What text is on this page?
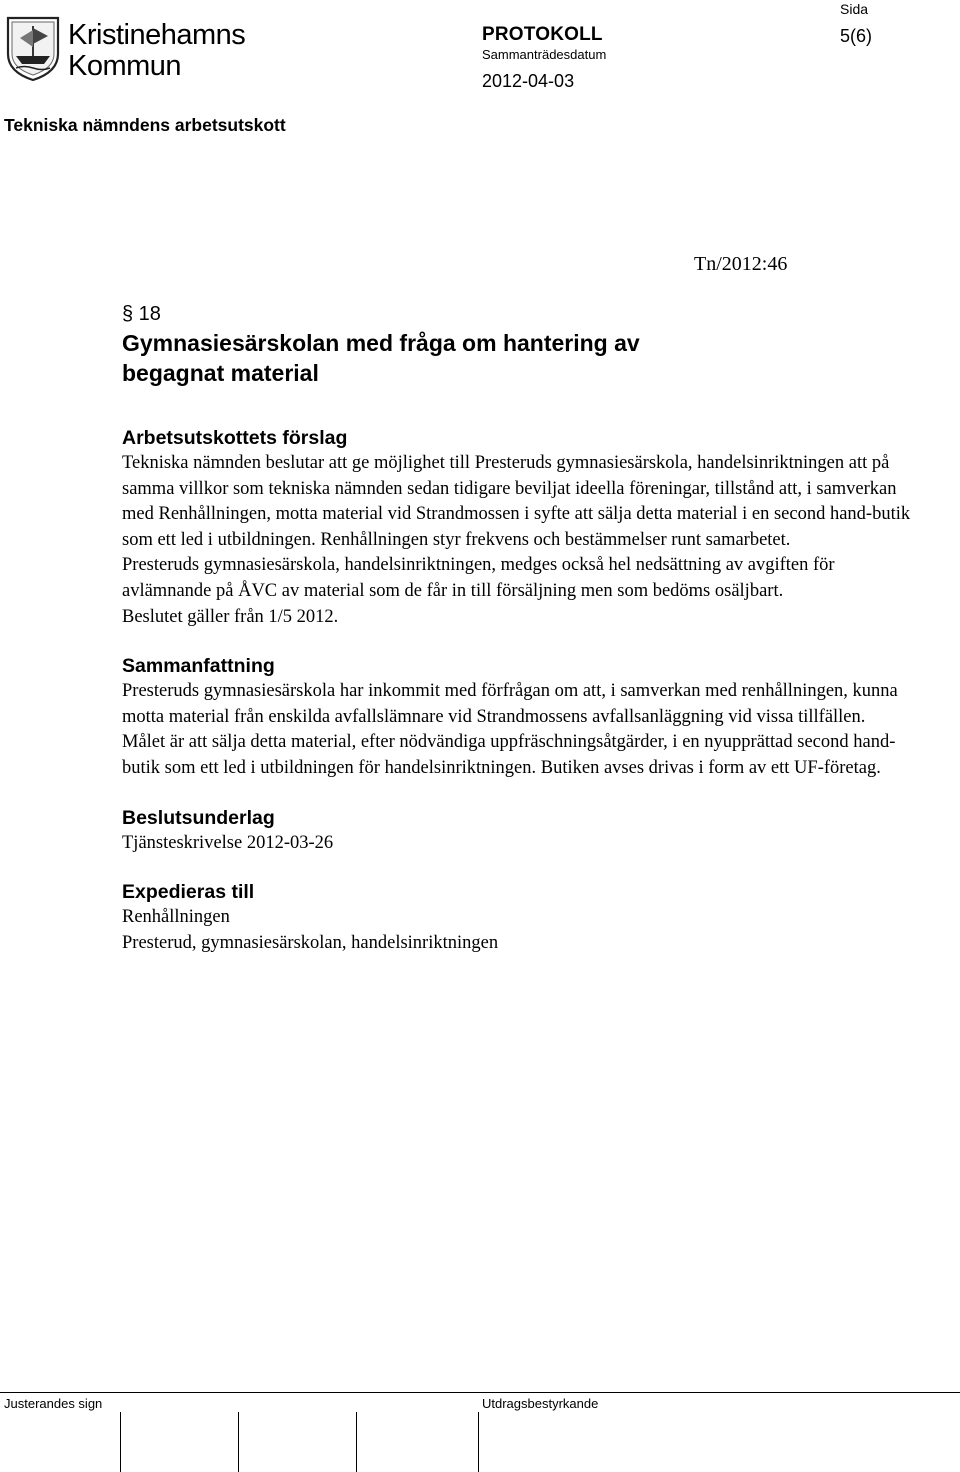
Kristinehamns
Kommun
PROTOKOLL
Sammanträdesdatum
2012-04-03
Sida
5(6)
Tekniska nämndens arbetsutskott
Tn/2012:46
§ 18
Gymnasiesärskolan med fråga om hantering av begagnat material
Arbetsutskottets förslag

Tekniska nämnden beslutar att ge möjlighet till Presteruds gymnasiesärskola, handelsinriktningen att på samma villkor som tekniska nämnden sedan tidigare beviljat ideella föreningar, tillstånd att, i samverkan med Renhållningen, motta material vid Strandmossen i syfte att sälja detta material i en second hand-butik som ett led i utbildningen. Renhållningen styr frekvens och bestämmelser runt samarbetet.

Presteruds gymnasiesärskola, handelsinriktningen, medges också hel nedsättning av avgiften för avlämnande på ÅVC av material som de får in till försäljning men som bedöms osäljbart.

Beslutet gäller från 1/5 2012.

Sammanfattning

Presteruds gymnasiesärskola har inkommit med förfrågan om att, i samverkan med renhållningen, kunna motta material från enskilda avfallslämnare vid Strandmossens avfallsanläggning vid vissa tillfällen. Målet är att sälja detta material, efter nödvändiga uppfräschningsåtgärder, i en nyupprättad second hand-butik som ett led i utbildningen för handelsinriktningen. Butiken avses drivas i form av ett UF-företag.

Beslutsunderlag

Tjänsteskrivelse 2012-03-26

Expedieras till

Renhållningen

Presterud, gymnasiesärskolan, handelsinriktningen

Justerandes sign	Utdragsbestyrkande
